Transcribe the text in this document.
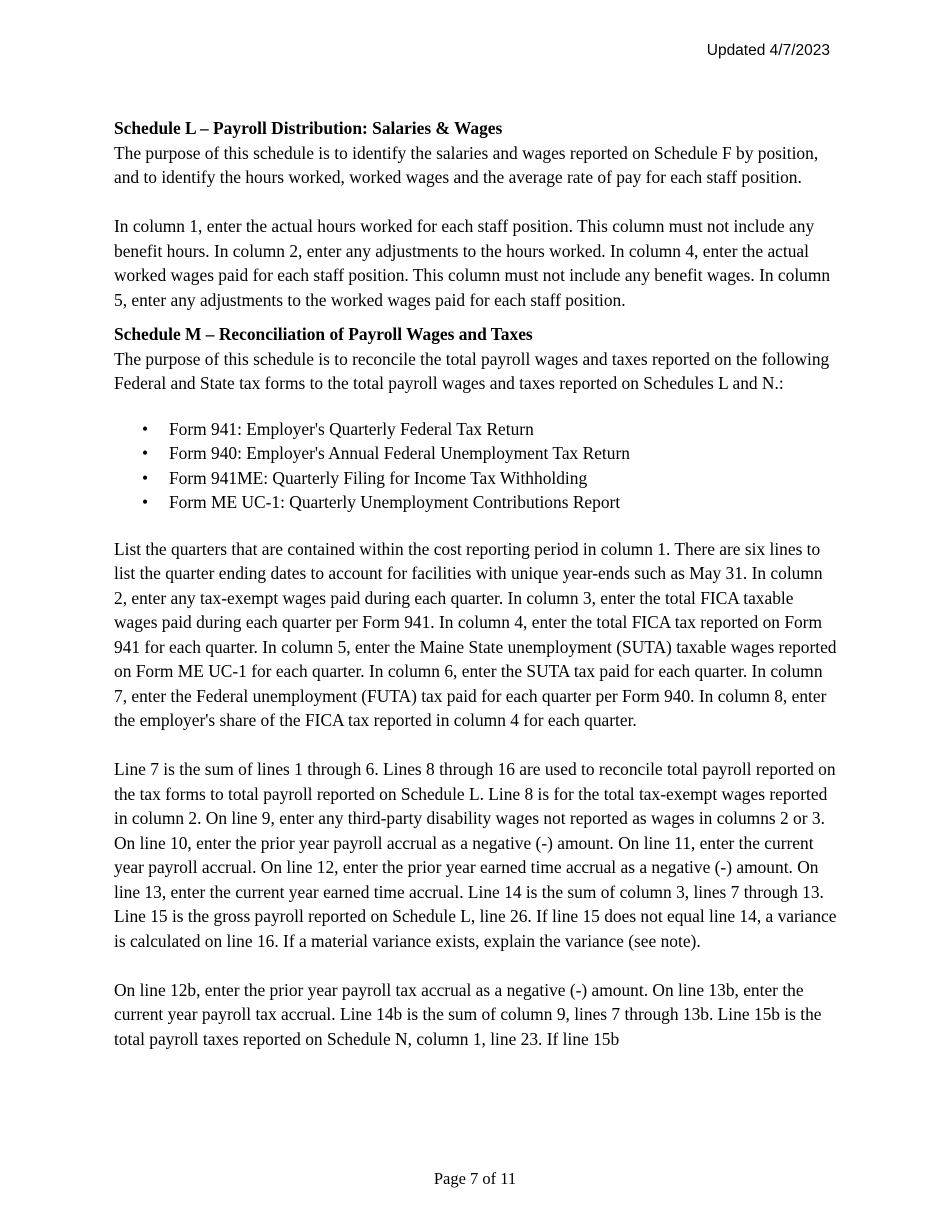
Updated 4/7/2023

Schedule L – Payroll Distribution: Salaries & Wages

The purpose of this schedule is to identify the salaries and wages reported on Schedule F by position, and to identify the hours worked, worked wages and the average rate of pay for each staff position.

In column 1, enter the actual hours worked for each staff position. This column must not include any benefit hours. In column 2, enter any adjustments to the hours worked. In column 4, enter the actual worked wages paid for each staff position. This column must not include any benefit wages. In column 5, enter any adjustments to the worked wages paid for each staff position.

Schedule M – Reconciliation of Payroll Wages and Taxes

The purpose of this schedule is to reconcile the total payroll wages and taxes reported on the following Federal and State tax forms to the total payroll wages and taxes reported on Schedules L and N.:

• Form 941: Employer's Quarterly Federal Tax Return
• Form 940: Employer's Annual Federal Unemployment Tax Return
• Form 941ME: Quarterly Filing for Income Tax Withholding
• Form ME UC-1: Quarterly Unemployment Contributions Report

List the quarters that are contained within the cost reporting period in column 1. There are six lines to list the quarter ending dates to account for facilities with unique year-ends such as May 31. In column 2, enter any tax-exempt wages paid during each quarter. In column 3, enter the total FICA taxable wages paid during each quarter per Form 941. In column 4, enter the total FICA tax reported on Form 941 for each quarter. In column 5, enter the Maine State unemployment (SUTA) taxable wages reported on Form ME UC-1 for each quarter. In column 6, enter the SUTA tax paid for each quarter. In column 7, enter the Federal unemployment (FUTA) tax paid for each quarter per Form 940. In column 8, enter the employer's share of the FICA tax reported in column 4 for each quarter.

Line 7 is the sum of lines 1 through 6. Lines 8 through 16 are used to reconcile total payroll reported on the tax forms to total payroll reported on Schedule L. Line 8 is for the total tax-exempt wages reported in column 2. On line 9, enter any third-party disability wages not reported as wages in columns 2 or 3. On line 10, enter the prior year payroll accrual as a negative (-) amount. On line 11, enter the current year payroll accrual. On line 12, enter the prior year earned time accrual as a negative (-) amount. On line 13, enter the current year earned time accrual. Line 14 is the sum of column 3, lines 7 through 13. Line 15 is the gross payroll reported on Schedule L, line 26. If line 15 does not equal line 14, a variance is calculated on line 16. If a material variance exists, explain the variance (see note).

On line 12b, enter the prior year payroll tax accrual as a negative (-) amount. On line 13b, enter the current year payroll tax accrual. Line 14b is the sum of column 9, lines 7 through 13b. Line 15b is the total payroll taxes reported on Schedule N, column 1, line 23. If line 15b

Page 7 of 11
